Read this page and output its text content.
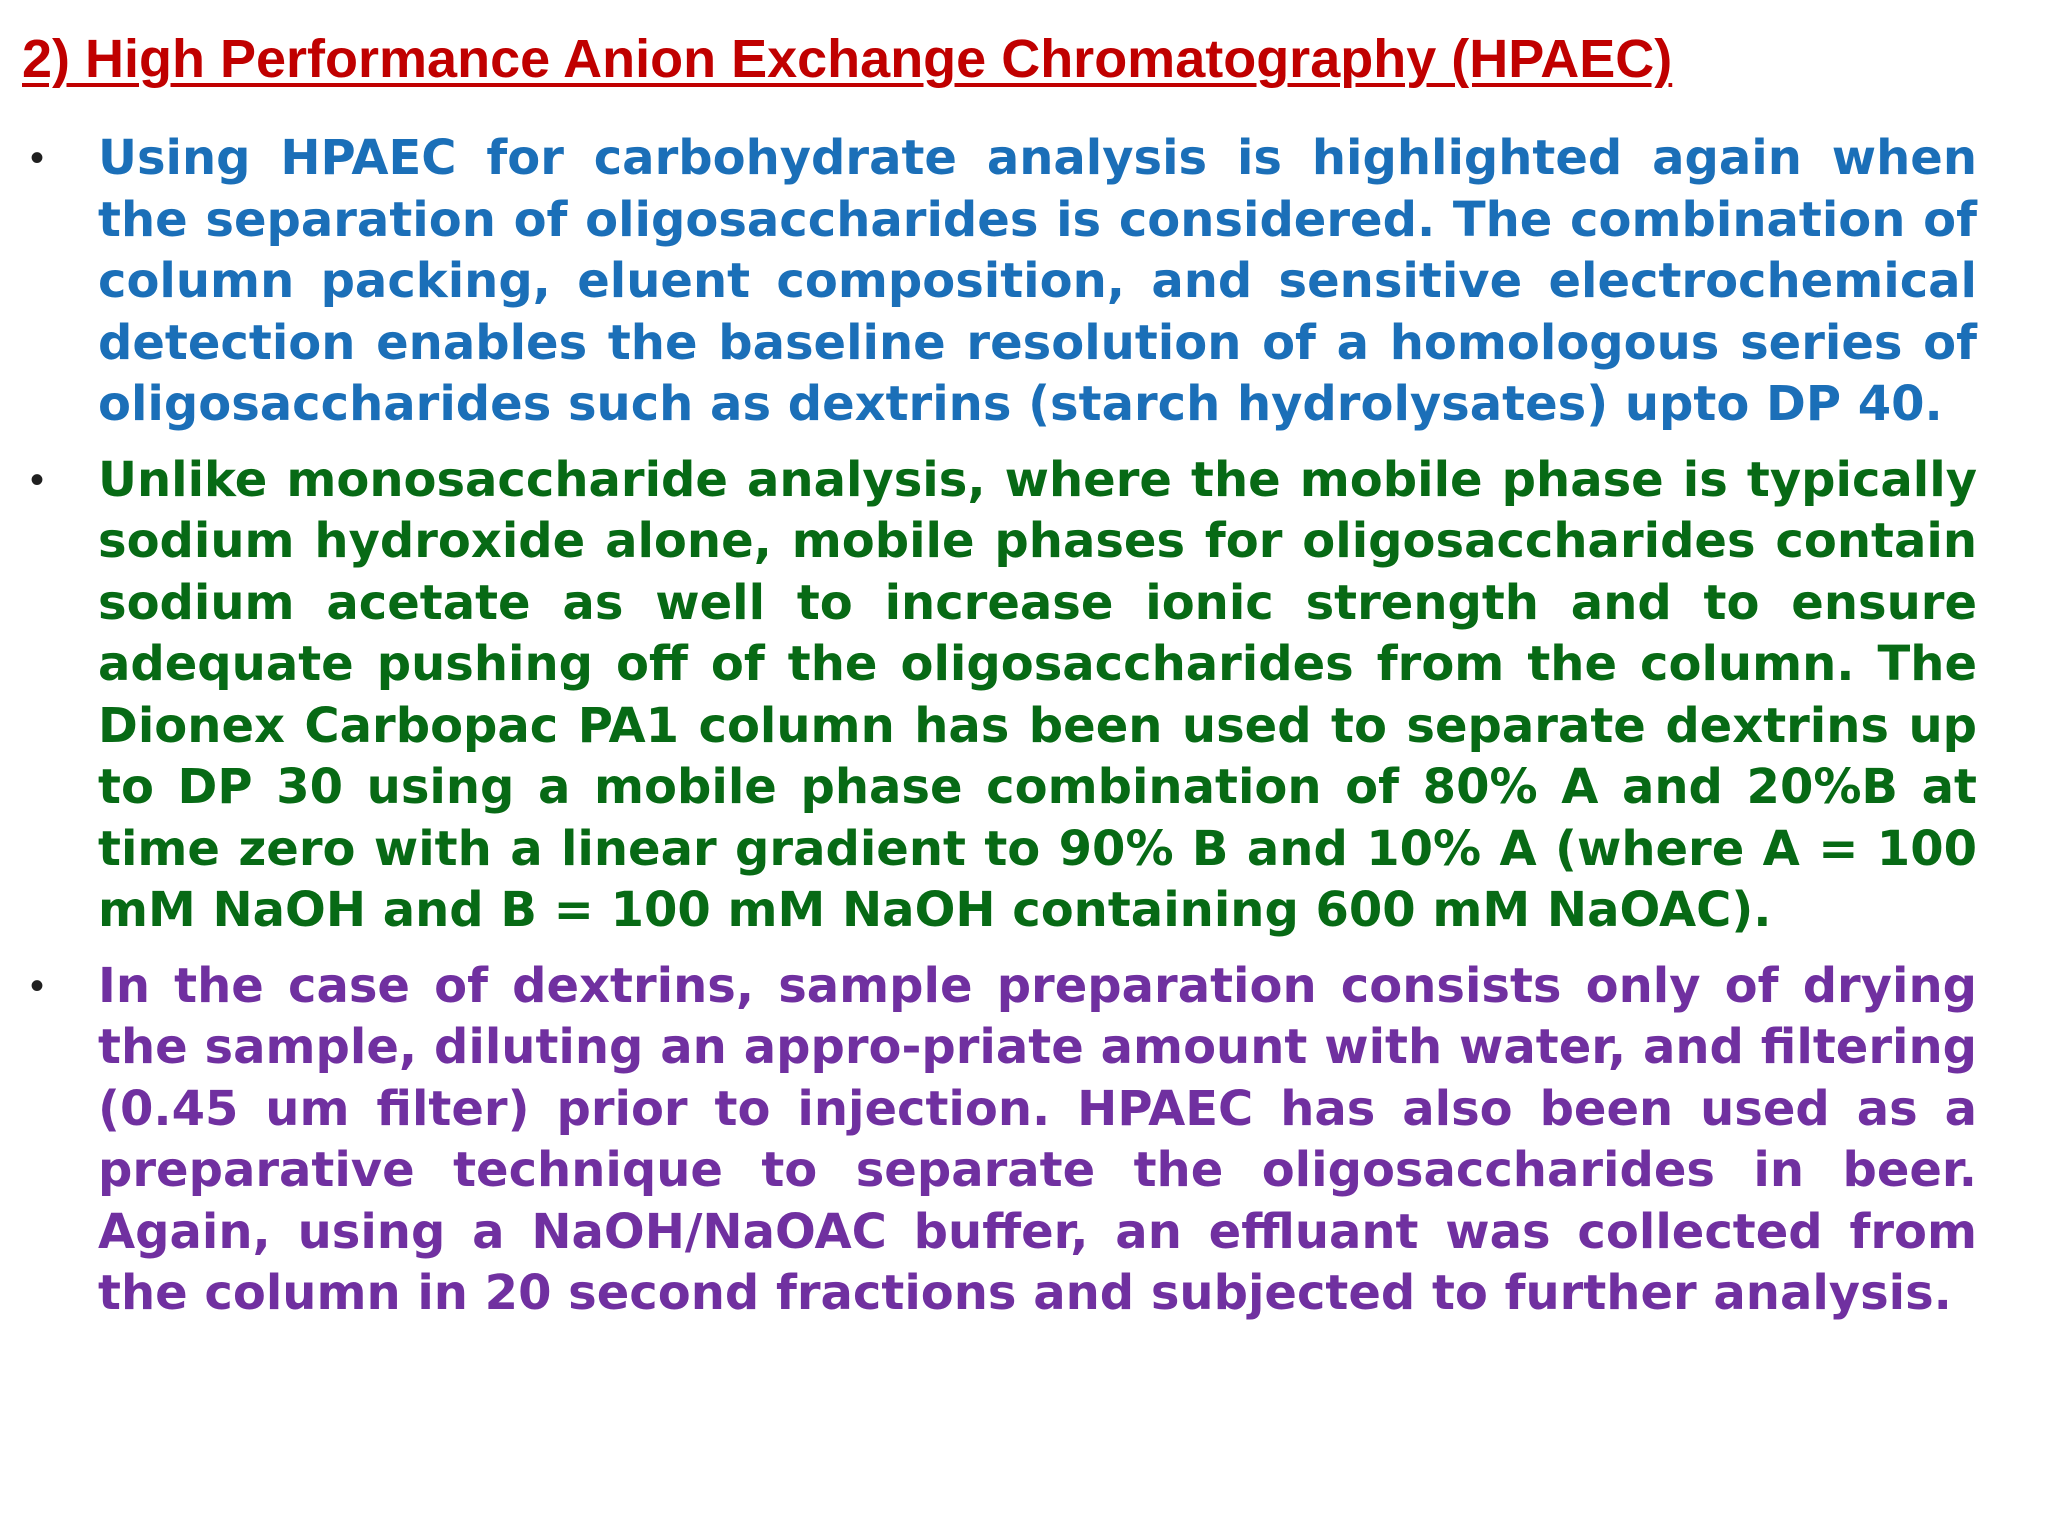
2) High Performance Anion Exchange Chromatography (HPAEC)
• Using HPAEC for carbohydrate analysis is highlighted again when the separation of oligosaccharides is considered. The combination of column packing, eluent composition, and sensitive electrochemical detection enables the baseline resolution of a homologous series of oligosaccharides such as dextrins (starch hydrolysates) upto DP 40.

• Unlike monosaccharide analysis, where the mobile phase is typically sodium hydroxide alone, mobile phases for oligosaccharides contain sodium acetate as well to increase ionic strength and to ensure adequate pushing off of the oligosaccharides from the column. The Dionex Carbopac PA1 column has been used to separate dextrins up to DP 30 using a mobile phase combination of 80% A and 20%B at time zero with a linear gradient to 90% B and 10% A (where A = 100 mM NaOH and B = 100 mM NaOH containing 600 mM NaOAC).

• In the case of dextrins, sample preparation consists only of drying the sample, diluting an appro-priate amount with water, and filtering (0.45 um filter) prior to injection. HPAEC has also been used as a preparative technique to separate the oligosaccharides in beer. Again, using a NaOH/NaOAC buffer, an effluant was collected from the column in 20 second fractions and subjected to further analysis.
